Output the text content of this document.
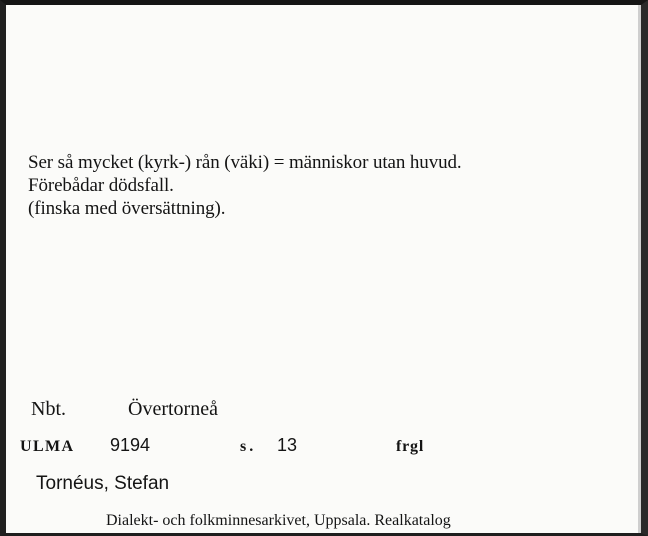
Ser så mycket (kyrk-) rån (väki) = människor utan huvud.
Förebådar dödsfall.
(finska med översättning).
Nbt.	Övertorneå
ULMA 9194	s. 13	frgl
Tornéus, Stefan
Dialekt- och folkminnesarkivet, Uppsala. Realkatalog
